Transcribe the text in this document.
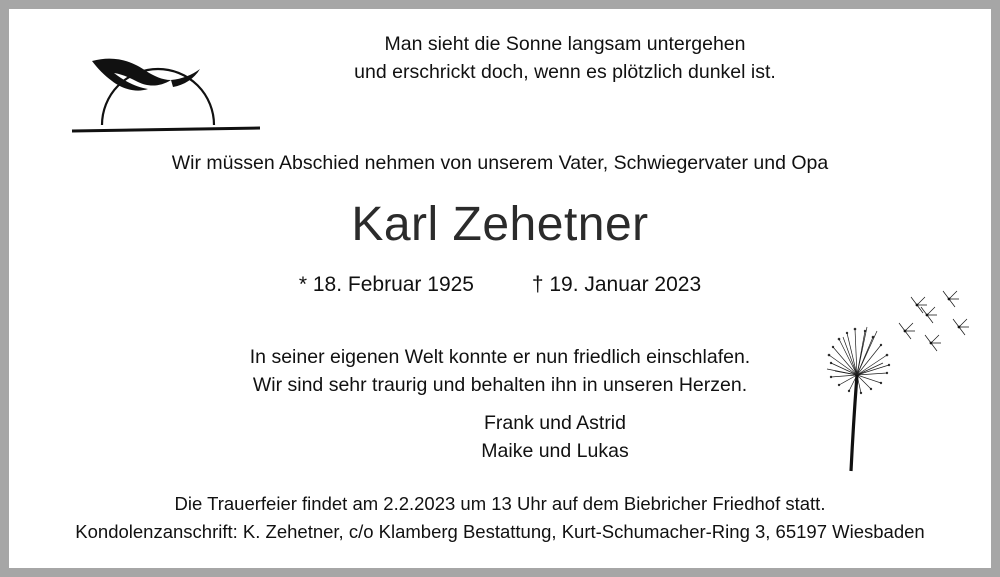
Man sieht die Sonne langsam untergehen
und erschrickt doch, wenn es plötzlich dunkel ist.
Wir müssen Abschied nehmen von unserem Vater, Schwiegervater und Opa
Karl Zehetner
* 18. Februar 1925	† 19. Januar 2023
In seiner eigenen Welt konnte er nun friedlich einschlafen.
Wir sind sehr traurig und behalten ihn in unseren Herzen.
Frank und Astrid
Maike und Lukas
Die Trauerfeier findet am 2.2.2023 um 13 Uhr auf dem Biebricher Friedhof statt.
Kondolenzanschrift: K. Zehetner, c/o Klamberg Bestattung, Kurt-Schumacher-Ring 3, 65197 Wiesbaden
